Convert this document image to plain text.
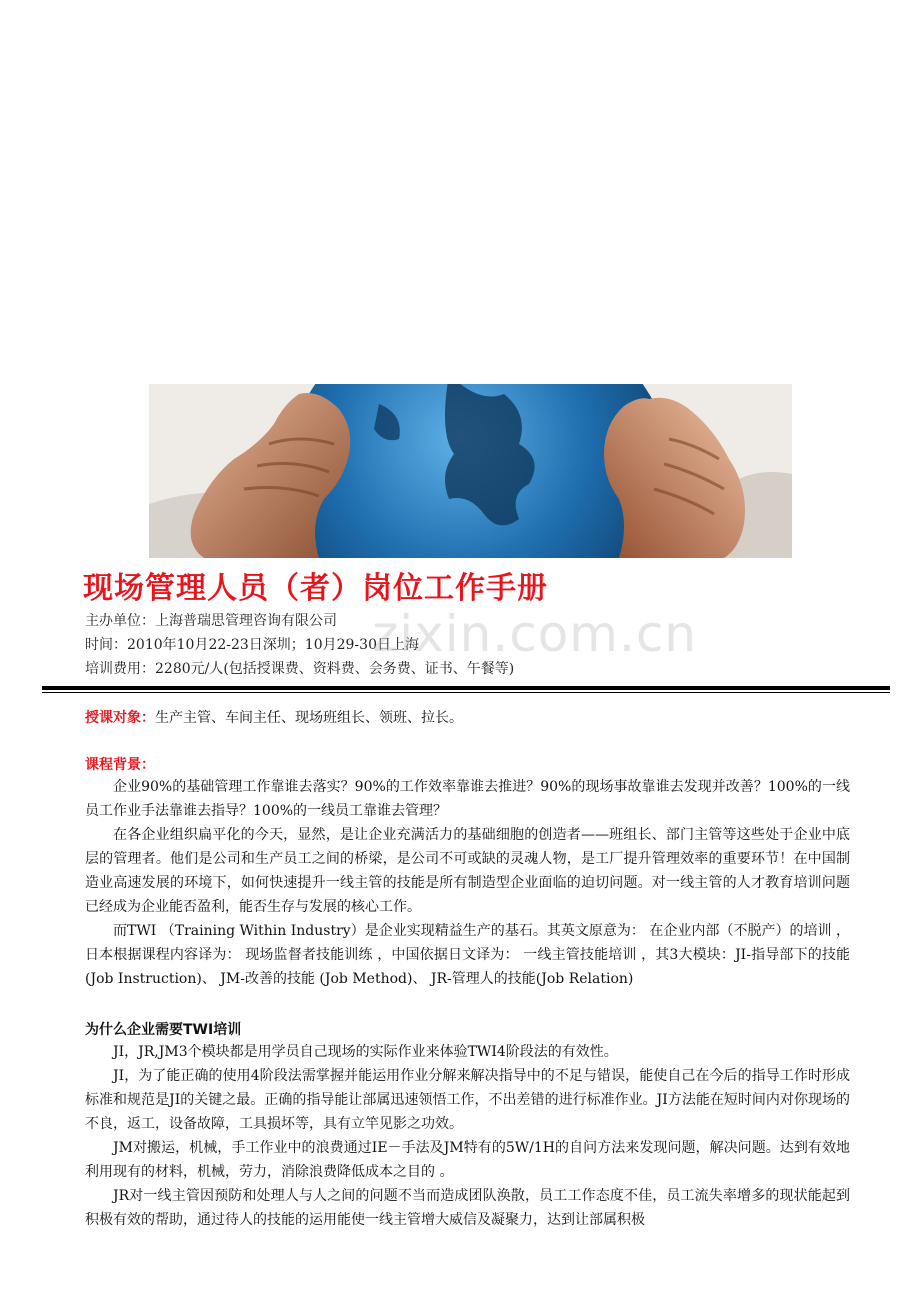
现场管理人员（者）岗位工作手册
主办单位：上海普瑞思管理咨询有限公司
时间：2010年10月22-23日深圳；10月29-30日上海
培训费用：2280元/人(包括授课费、资料费、会务费、证书、午餐等)
zixin.com.cn
授课对象：生产主管、车间主任、现场班组长、领班、拉长。
课程背景：
企业90%的基础管理工作靠谁去落实？90%的工作效率靠谁去推进？90%的现场事故靠谁去发现并改善？100%的一线员工作业手法靠谁去指导？100%的一线员工靠谁去管理？
在各企业组织扁平化的今天，显然，是让企业充满活力的基础细胞的创造者——班组长、部门主管等这些处于企业中底层的管理者。他们是公司和生产员工之间的桥梁，是公司不可或缺的灵魂人物，是工厂提升管理效率的重要环节！在中国制造业高速发展的环境下，如何快速提升一线主管的技能是所有制造型企业面临的迫切问题。对一线主管的人才教育培训问题已经成为企业能否盈利，能否生存与发展的核心工作。
而TWI （Training Within Industry）是企业实现精益生产的基石。其英文原意为： 在企业内部（不脱产）的培训 ，日本根据课程内容译为： 现场监督者技能训练 ，中国依据日文译为： 一线主管技能培训 ，其3大模块：JI-指导部下的技能 (Job Instruction)、 JM-改善的技能 (Job Method)、 JR-管理人的技能(Job Relation)
为什么企业需要TWI培训
JI，JR,JM3个模块都是用学员自己现场的实际作业来体验TWI4阶段法的有效性。
JI，为了能正确的使用4阶段法需掌握并能运用作业分解来解决指导中的不足与错误，能使自己在今后的指导工作时形成标准和规范是JI的关键之最。正确的指导能让部属迅速领悟工作，不出差错的进行标准作业。JI方法能在短时间内对你现场的不良，返工，设备故障，工具损坏等，具有立竿见影之功效。
JM对搬运，机械，手工作业中的浪费通过IE－手法及JM特有的5W/1H的自问方法来发现问题，解决问题。达到有效地利用现有的材料，机械，劳力，消除浪费降低成本之目的 。
JR对一线主管因预防和处理人与人之间的问题不当而造成团队涣散，员工工作态度不佳，员工流失率增多的现状能起到积极有效的帮助，通过待人的技能的运用能使一线主管增大威信及凝聚力，达到让部属积极
